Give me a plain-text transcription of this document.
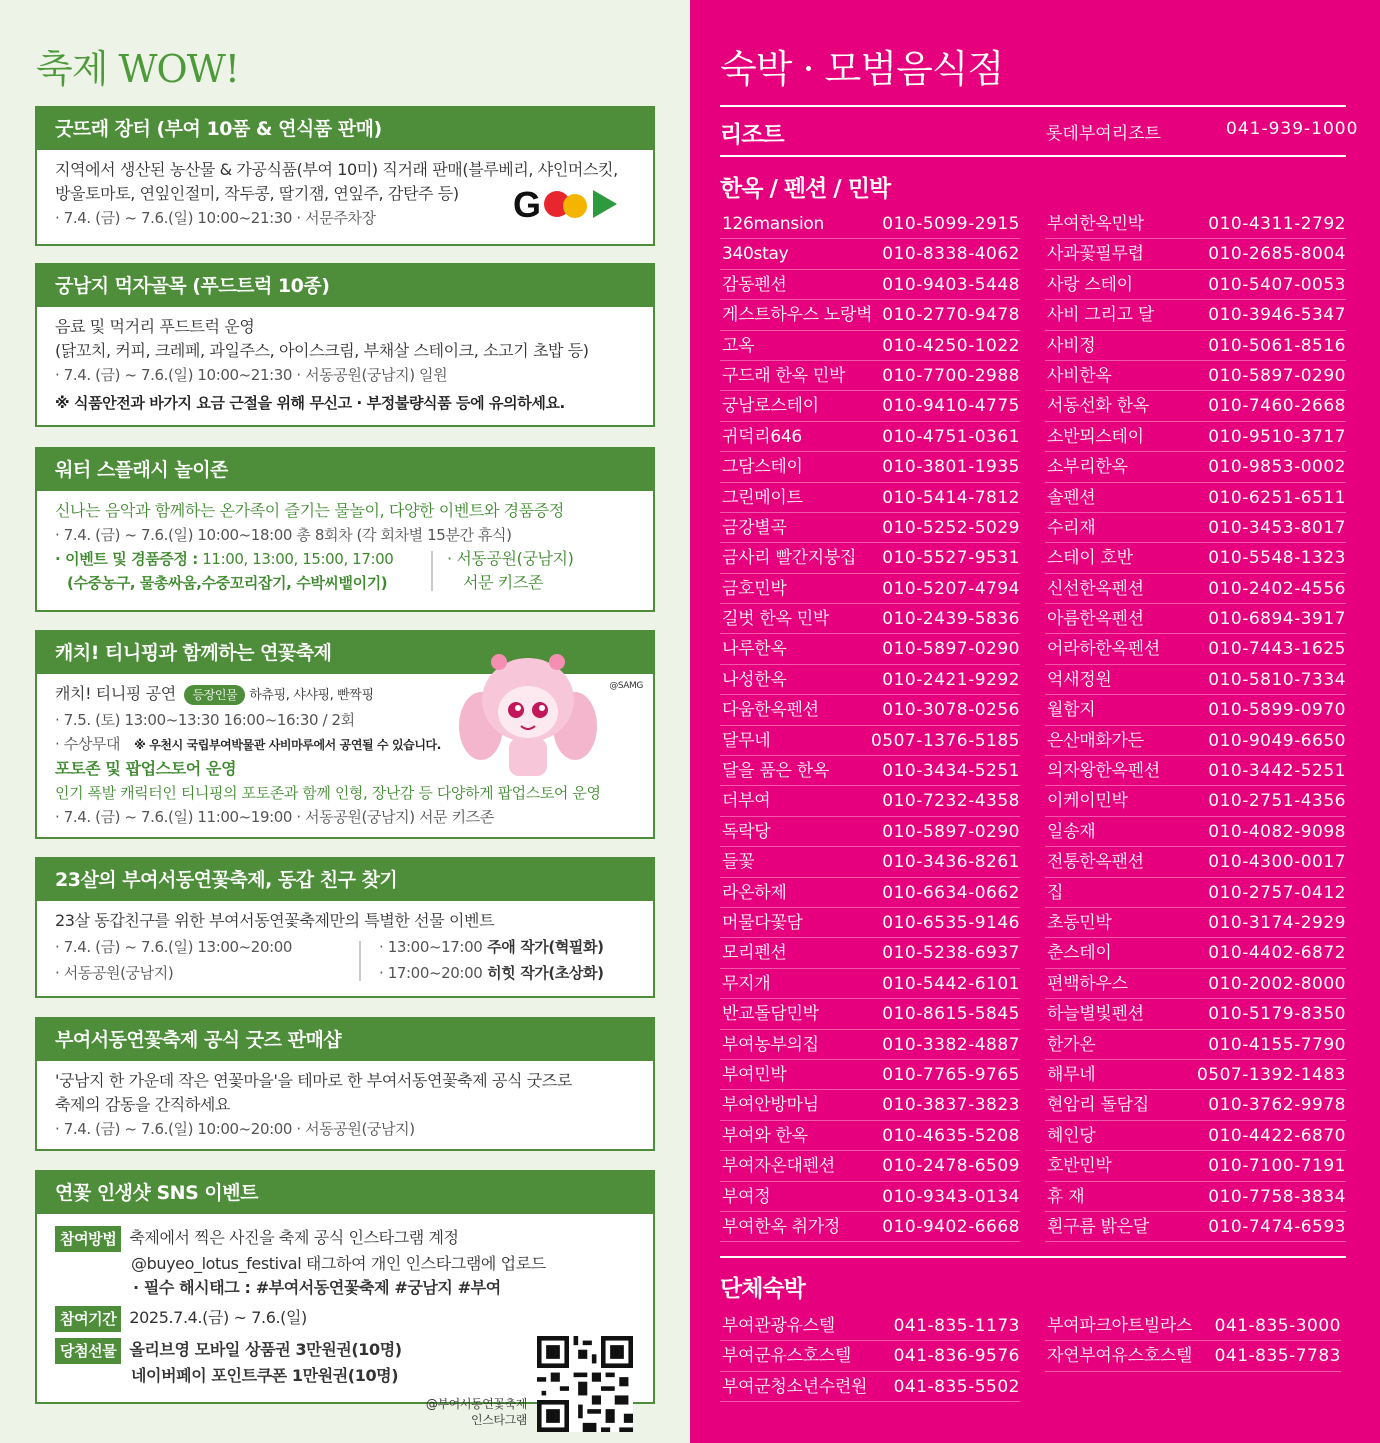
축제 WOW!
굿뜨래 장터 (부여 10품 & 연식품 판매)
지역에서 생산된 농산물 & 가공식품(부여 10미) 직거래 판매(블루베리, 샤인머스킷,
방울토마토, 연잎인절미, 작두콩, 딸기잼, 연잎주, 감탄주 등)
· 7.4. (금) ~ 7.6.(일) 10:00~21:30 · 서문주차장	G
궁남지 먹자골목 (푸드트럭 10종)
음료 및 먹거리 푸드트럭 운영
(닭꼬치, 커피, 크레페, 과일주스, 아이스크림, 부채살 스테이크, 소고기 초밥 등)
· 7.4. (금) ~ 7.6.(일) 10:00~21:30 · 서동공원(궁남지) 일원
※ 식품안전과 바가지 요금 근절을 위해 무신고 · 부정불량식품 등에 유의하세요.
워터 스플래시 놀이존
신나는 음악과 함께하는 온가족이 즐기는 물놀이, 다양한 이벤트와 경품증정
· 7.4. (금) ~ 7.6.(일) 10:00~18:00 총 8회차 (각 회차별 15분간 휴식)
· 이벤트 및 경품증정 : 11:00, 13:00, 15:00, 17:00
(수중농구, 물총싸움,수중꼬리잡기, 수박씨뱉이기)
· 서동공원(궁남지)
서문 키즈존
캐치! 티니핑과 함께하는 연꽃축제
캐치! 티니핑 공연 등장인물 하츄핑, 샤샤핑, 빤짝핑
· 7.5. (토) 13:00~13:30 16:00~16:30 / 2회
· 수상무대 ※ 우천시 국립부여박물관 사비마루에서 공연될 수 있습니다.
포토존 및 팝업스토어 운영
인기 폭발 캐릭터인 티니핑의 포토존과 함께 인형, 장난감 등 다양하게 팝업스토어 운영
· 7.4. (금) ~ 7.6.(일) 11:00~19:00 · 서동공원(궁남지) 서문 키즈존
@SAMG
23살의 부여서동연꽃축제, 동갑 친구 찾기
23살 동갑친구를 위한 부여서동연꽃축제만의 특별한 선물 이벤트
· 7.4. (금) ~ 7.6.(일) 13:00~20:00
· 서동공원(궁남지)
· 13:00~17:00 주애 작가(혁필화)
· 17:00~20:00 히힛 작가(초상화)
부여서동연꽃축제 공식 굿즈 판매샵
'궁남지 한 가운데 작은 연꽃마을'을 테마로 한 부여서동연꽃축제 공식 굿즈로
축제의 감동을 간직하세요
· 7.4. (금) ~ 7.6.(일) 10:00~20:00 · 서동공원(궁남지)
연꽃 인생샷 SNS 이벤트
참여방법 축제에서 찍은 사진을 축제 공식 인스타그램 계정
@buyeo_lotus_festival 태그하여 개인 인스타그램에 업로드
· 필수 해시태그 : #부여서동연꽃축제 #궁남지 #부여
참여기간 2025.7.4.(금) ~ 7.6.(일)
당첨선물 올리브영 모바일 상품권 3만원권(10명)
네이버페이 포인트쿠폰 1만원권(10명)
@부여서동연꽃축제
인스타그램
숙박 · 모범음식점
리조트	롯데부여리조트	041-939-1000
한옥 / 펜션 / 민박
126mansion	010-5099-2915
340stay	010-8338-4062
감동펜션	010-9403-5448
게스트하우스 노랑벽 010-2770-9478
고옥	010-4250-1022
구드래 한옥 민박 010-7700-2988
궁남로스테이	010-9410-4775
귀덕리646	010-4751-0361
그담스테이	010-3801-1935
그린메이트	010-5414-7812
금강별곡	010-5252-5029
금사리 빨간지붕집 010-5527-9531
금호민박	010-5207-4794
길벗 한옥 민박	010-2439-5836
나루한옥	010-5897-0290
나성한옥	010-2421-9292
다움한옥펜션	010-3078-0256
달무네	0507-1376-5185
달을 품은 한옥	010-3434-5251
더부여	010-7232-4358
독락당	010-5897-0290
들꽃	010-3436-8261
라온하제	010-6634-0662
머물다꽃담	010-6535-9146
모리펜션	010-5238-6937
무지개	010-5442-6101
반교돌담민박	010-8615-5845
부여농부의집	010-3382-4887
부여민박	010-7765-9765
부여안방마님	010-3837-3823
부여와 한옥	010-4635-5208
부여자온대펜션	010-2478-6509
부여정	010-9343-0134
부여한옥 취가정 010-9402-6668
부여한옥민박	010-4311-2792
사과꽃필무렵	010-2685-8004
사랑 스테이	010-5407-0053
사비 그리고 달	010-3946-5347
사비정	010-5061-8516
사비한옥	010-5897-0290
서동선화 한옥	010-7460-2668
소반뫼스테이	010-9510-3717
소부리한옥	010-9853-0002
솔펜션	010-6251-6511
수리재	010-3453-8017
스테이 호반	010-5548-1323
신선한옥펜션	010-2402-4556
아름한옥펜션	010-6894-3917
어라하한옥펜션	010-7443-1625
억새정원	010-5810-7334
월함지	010-5899-0970
은산매화가든	010-9049-6650
의자왕한옥펜션	010-3442-5251
이케이민박	010-2751-4356
일송재	010-4082-9098
전통한옥팬션	010-4300-0017
집	010-2757-0412
초동민박	010-3174-2929
춘스테이	010-4402-6872
편백하우스	010-2002-8000
하늘별빛펜션	010-5179-8350
한가온	010-4155-7790
해무네	0507-1392-1483
현암리 돌담집	010-3762-9978
혜인당	010-4422-6870
호반민박	010-7100-7191
휴 재	010-7758-3834
흰구름 밝은달	010-7474-6593
단체숙박
부여관광유스텔	041-835-1173
부여군유스호스텔	041-836-9576
부여군청소년수련원 041-835-5502
부여파크아트빌라스 041-835-3000
자연부여유스호스텔 041-835-7783
